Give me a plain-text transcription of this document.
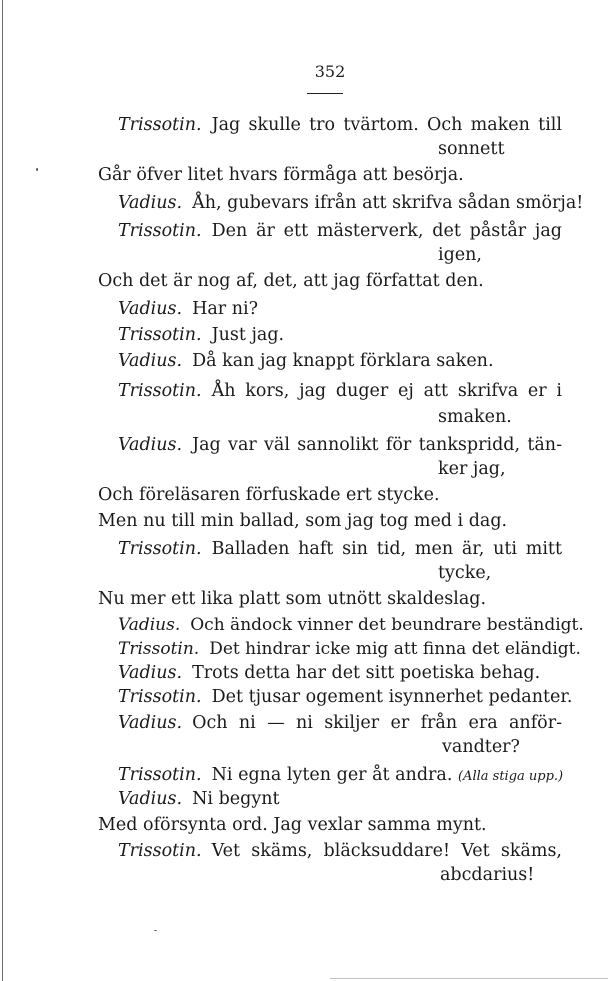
352
Trissotin. Jag skulle tro tvärtom. Och maken till
sonnett
Går öfver litet hvars förmåga att besörja.
Vadius. Åh, gubevars ifrån att skrifva sådan smörja!
Trissotin. Den är ett mästerverk, det påstår jag
igen,
Och det är nog af, det, att jag författat den.
Vadius. Har ni?
Trissotin. Just jag.
Vadius. Då kan jag knappt förklara saken.
Trissotin. Åh kors, jag duger ej att skrifva er i
smaken.
Vadius. Jag var väl sannolikt för tankspridd, tän-
ker jag,
Och föreläsaren förfuskade ert stycke.
Men nu till min ballad, som jag tog med i dag.
Trissotin. Balladen haft sin tid, men är, uti mitt
tycke,
Nu mer ett lika platt som utnött skaldeslag.
Vadius. Och ändock vinner det beundrare beständigt.
Trissotin. Det hindrar icke mig att finna det eländigt.
Vadius. Trots detta har det sitt poetiska behag.
Trissotin. Det tjusar ogement isynnerhet pedanter.
Vadius. Och ni — ni skiljer er från era anför-
vandter?
Trissotin. Ni egna lyten ger åt andra. (Alla stiga upp.)
Vadius. Ni begynt
Med oförsynta ord. Jag vexlar samma mynt.
Trissotin. Vet skäms, bläcksuddare! Vet skäms,
abcdarius!
